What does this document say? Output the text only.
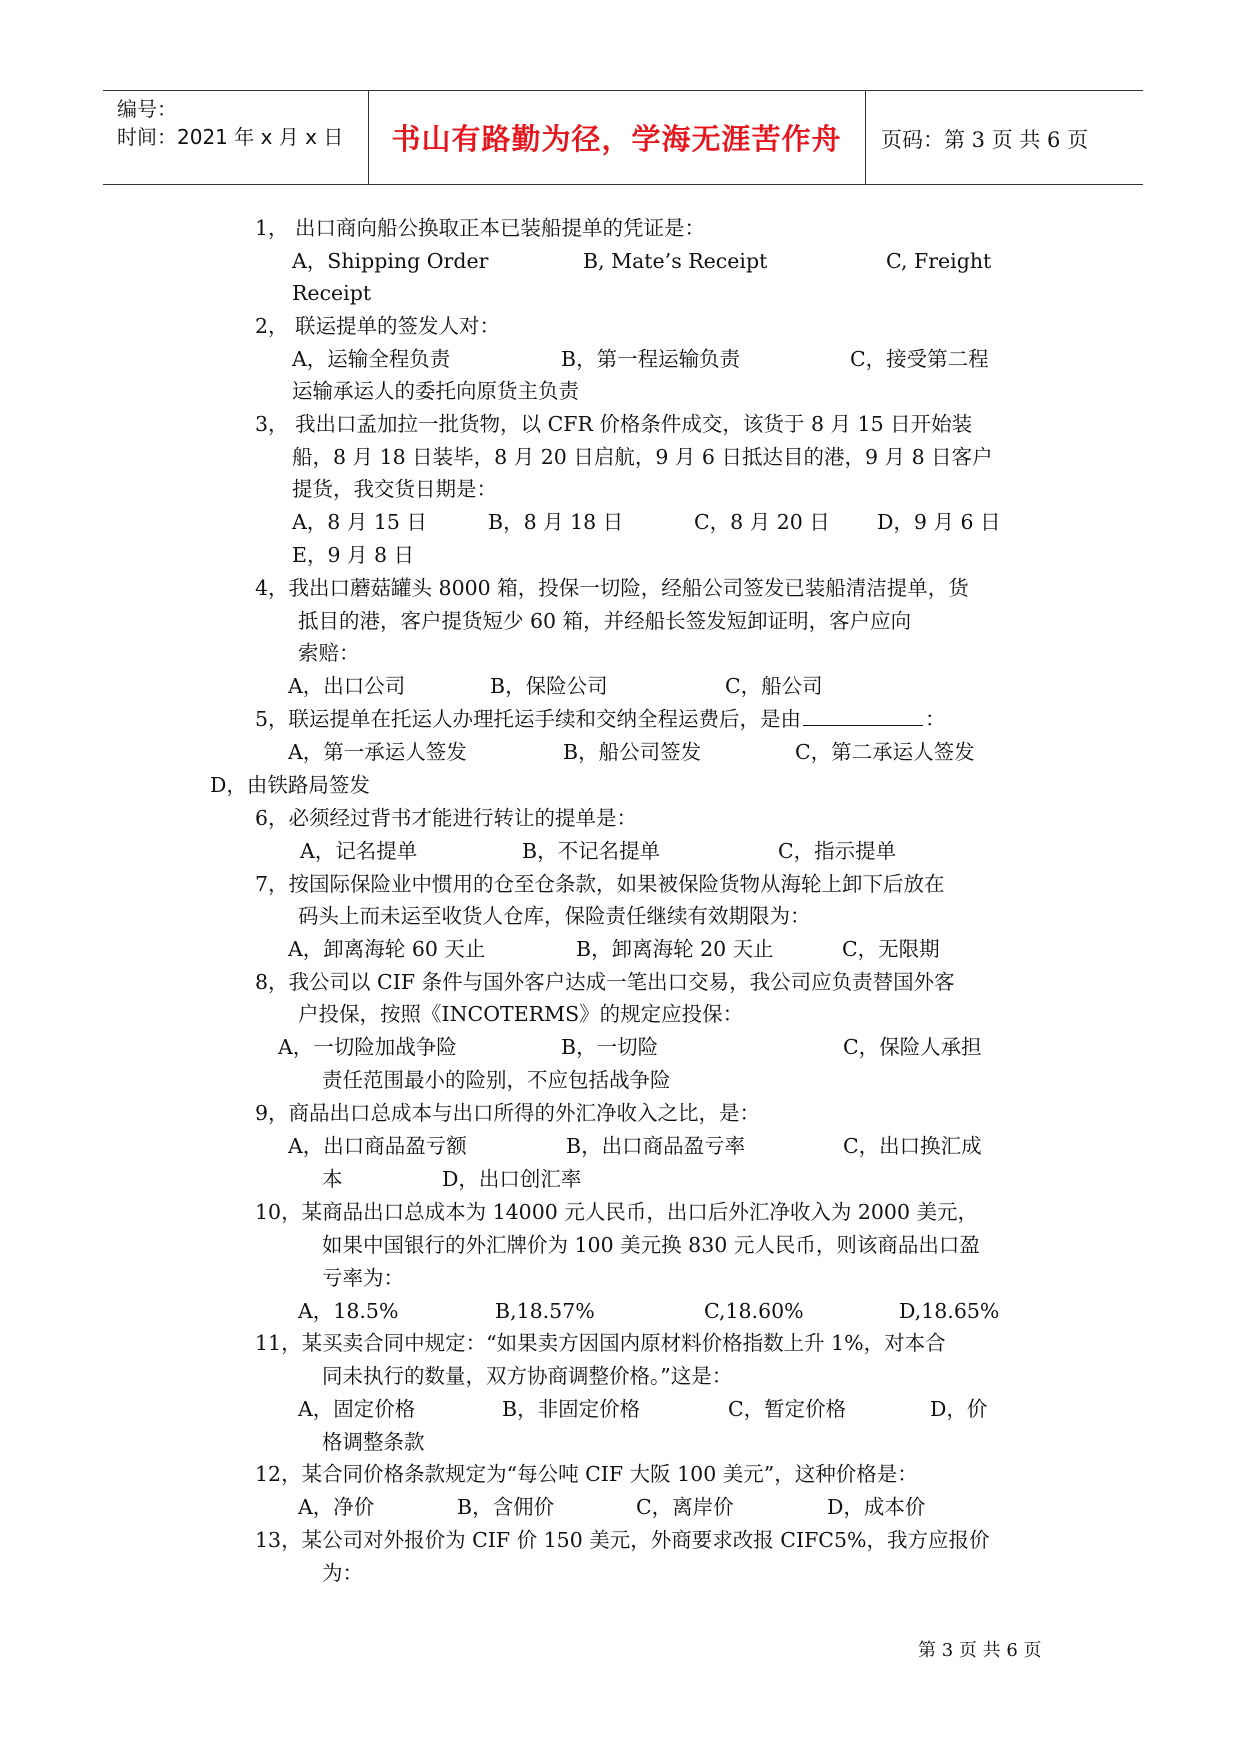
编号：
时间：2021 年 x 月 x 日	书山有路勤为径，学海无涯苦作舟	页码：第 3 页 共 6 页
1， 出口商向船公换取正本已装船提单的凭证是：
A，Shipping Order	B, Mate’s Receipt	C, Freight
Receipt
2， 联运提单的签发人对：
A，运输全程负责	B，第一程运输负责	C，接受第二程
运输承运人的委托向原货主负责
3， 我出口孟加拉一批货物，以 CFR 价格条件成交，该货于 8 月 15 日开始装
船，8 月 18 日装毕，8 月 20 日启航，9 月 6 日抵达目的港，9 月 8 日客户
提货，我交货日期是：
A，8 月 15 日	B，8 月 18 日	C，8 月 20 日 D，9 月 6 日
E，9 月 8 日
4，我出口蘑菇罐头 8000 箱，投保一切险，经船公司签发已装船清洁提单，货
抵目的港，客户提货短少 60 箱，并经船长签发短卸证明，客户应向
索赔：
A，出口公司	B，保险公司	C，船公司
5，联运提单在托运人办理托运手续和交纳全程运费后，是由	：
A，第一承运人签发	B，船公司签发	C，第二承运人签发
D，由铁路局签发
6，必须经过背书才能进行转让的提单是：
A，记名提单	B，不记名提单	C，指示提单
7，按国际保险业中惯用的仓至仓条款，如果被保险货物从海轮上卸下后放在
码头上而未运至收货人仓库，保险责任继续有效期限为：
A，卸离海轮 60 天止	B，卸离海轮 20 天止	C，无限期
8，我公司以 CIF 条件与国外客户达成一笔出口交易，我公司应负责替国外客
户投保，按照《INCOTERMS》的规定应投保：
A，一切险加战争险	B，一切险	C，保险人承担
责任范围最小的险别，不应包括战争险
9，商品出口总成本与出口所得的外汇净收入之比，是：
A，出口商品盈亏额	B，出口商品盈亏率	C，出口换汇成
本	D，出口创汇率
10，某商品出口总成本为 14000 元人民币，出口后外汇净收入为 2000 美元，
如果中国银行的外汇牌价为 100 美元换 830 元人民币，则该商品出口盈
亏率为：
A，18.5%	B,18.57%	C,18.60%	D,18.65%
11，某买卖合同中规定：“如果卖方因国内原材料价格指数上升 1%，对本合
同未执行的数量，双方协商调整价格。”这是：
A，固定价格	B，非固定价格	C，暂定价格	D，价
格调整条款
12，某合同价格条款规定为“每公吨 CIF 大阪 100 美元”，这种价格是：
A，净价	B，含佣价	C，离岸价	D，成本价
13，某公司对外报价为 CIF 价 150 美元，外商要求改报 CIFC5%，我方应报价
为：
第 3 页 共 6 页
